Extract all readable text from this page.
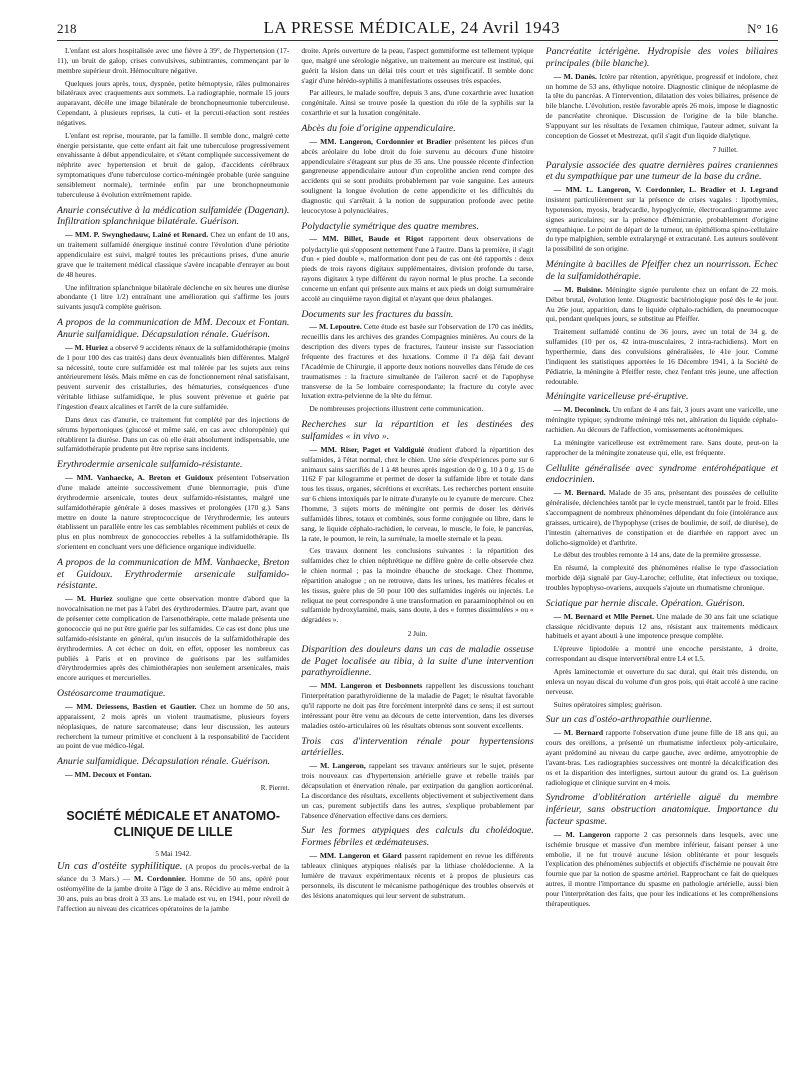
218	LA PRESSE MÉDICALE, 24 Avril 1943	N° 16

L'enfant est alors hospitalisée avec une fièvre à 39°, de l'hypertension (17-11), un bruit de galop, crises convulsives, subintrantes, commençant par le membre supérieur droit. Hémoculture négative.

Quelques jours après, toux, dyspnée, petite hémoptysie, râles pulmonaires bilatéraux avec craquements aux sommets. La radiographie, normale 15 jours auparavant, décèle une image bilatérale de bronchopneumonie tuberculeuse. Cependant, à plusieurs reprises, la cuti- et la percuti-réaction sont restées négatives.

L'enfant est reprise, mourante, par la famille. Il semble donc, malgré cette énergie persistante, que cette enfant ait fait une tuberculose progressivement envahissante à début appendiculaire, et s'étant compliquée successivement de néphrite avec hypertension et bruit de galop, d'accidents cérébraux symptomatiques d'une tuberculose cortico-méningée probable (urée sanguine sensiblement normale), terminée enfin par une bronchopneumonie tuberculeuse à évolution extrêmement rapide.

Anurie consécutive à la médication sulfamidée (Dagenan). Infiltration splanchnique bilatérale. Guérison.

— MM. P. Swynghedauw, Lainé et Renard. Chez un enfant de 10 ans, un traitement sulfamidé énergique institué contre l'évolution d'une périotite appendiculaire est suivi, malgré toutes les précautions prises, d'une anurie grave que le traitement médical classique s'avère incapable d'enrayer au bout de 48 heures.

Une infiltration splanchnique bilatérale déclenche en six heures une diurèse abondante (1 litre 1/2) entraînant une amélioration qui s'affirme les jours suivants jusqu'à complète guérison.

A propos de la communication de MM. Decoux et Fontan. Anurie sulfamidique. Décapsulation rénale. Guérison.

— M. Huriez a observé 9 accidents rénaux de la sulfamidothérapie (moins de 1 pour 100 des cas traités) dans deux éventualités bien différentes. Malgré sa nécessité, toute cure sulfamidée est mal tolérée par les sujets aux reins antérieurement lésés. Mais même en cas de fonctionnement rénal satisfaisant, peuvent survenir des cristalluries, des hématuries, conséquences d'une véritable lithiase sulfamidique, le plus souvent prévenue et guérie par l'ingestion d'eaux alcalines et l'arrêt de la cure sulfamidée.

Dans deux cas d'anurie, ce traitement fut complété par des injections de sérums hypertoniques (glucosé et même salé, en cas avec chloropénie) qui rétablirent la diurèse. Dans un cas où elle était absolument indispensable, une sulfamidothérapie prudente put être reprise sans incidents.

Erythrodermie arsenicale sulfamido-résistante.

— MM. Vanhaecke, A. Breton et Guidoux présentent l'observation d'une malade atteinte successivement d'une blennorragie, puis d'une érythrodermie arsenicale, toutes deux sulfamido-résistantes, malgré une sulfamidothérapie générale à doses massives et prolongées (170 g.). Sans mettre en doute la nature streptococcique de l'érythrodermie, les auteurs établissent un parallèle entre les cas semblables récemment publiés et ceux de plus en plus nombreux de gonococcies rebelles à la sulfamidothérapie. Ils s'orientent en concluant vers une déficience organique individuelle.

A propos de la communication de MM. Vanhaecke, Breton et Guidoux. Erythrodermie arsenicale sulfamido-résistante.

— M. Huriez souligne que cette observation montre d'abord que la novocalnisation ne met pas à l'abri des érythrodermies. D'autre part, avant que de présenter cette complication de l'arsenothérapie, cette malade présenta une gonococcie qui ne put être guérie par les sulfamides. Ce cas est donc plus une sulfamido-résistante en général, qu'un insuccès de la sulfamidothérapie des érythrodermies. A cet échec on doit, en effet, opposer les nombreux cas publiés à Paris et en province de guérisons par les sulfamides d'érythrodermies après des chimiothérapies non seulement arsenicales, mais encore auriques et mercurielles.

Ostéosarcome traumatique.

— MM. Driessens, Bastien et Gautier. Chez un homme de 50 ans, apparaissent, 2 mois après un violent traumatisme, plusieurs foyers néoplasiques, de nature sarcomateuse; dans leur discussion, les auteurs recherchent la tumeur primitive et concluent à la responsabilité de l'accident au point de vue médico-légal.

Anurie sulfamidique. Décapsulation rénale. Guérison.

— MM. Decoux et Fontan.

R. Pierret.

SOCIÉTÉ MÉDICALE ET ANATOMO-CLINIQUE DE LILLE

5 Mai 1942.

Un cas d'ostéite syphilitique. (A propos du procès-verbal de la séance du 3 Mars.) — M. Cordonnier. Homme de 50 ans, opéré pour ostéomyélite de la jambe droite à l'âge de 3 ans. Récidive au même endroit à 30 ans, puis au bras droit à 33 ans. Le malade est vu, en 1941, pour réveil de l'affection au niveau des cicatrices opératoires de la jambe

droite. Après ouverture de la peau, l'aspect gommiforme est tellement typique que, malgré une sérologie négative, un traitement au mercure est institué, qui guérit la lésion dans un délai très court et très significatif. Il semble donc s'agir d'une hérédo-syphilis à manifestations osseuses très espacées.

Par ailleurs, le malade souffre, depuis 3 ans, d'une coxarthrie avec luxation congénitale. Ainsi se trouve posée la question du rôle de la syphilis sur la coxarthrie et sur la luxation congénitale.

Abcès du foie d'origine appendiculaire.

— MM. Langeron, Cordonnier et Bradier présentent les pièces d'un abcès aréolaire du lobe droit du foie survenu au décours d'une histoire appendiculaire s'étageant sur plus de 35 ans. Une poussée récente d'infection gangreneuse appendiculaire autour d'un coprolithe ancien rend compte des accidents qui se sont produits probablement par voie sanguine. Les auteurs soulignent la longue évolution de cette appendicite et les difficultés du diagnostic qui s'arrêtait à la notion de suppuration profonde avec petite leucocytose à polynucléaires.

Polydactylie symétrique des quatre membres.

— MM. Billet, Baude et Rigot rapportent deux observations de polydactylie qui s'opposent nettement l'une à l'autre. Dans la première, il s'agit d'un « pied double », malformation dont peu de cas ont été rapportés : deux pieds de trois rayons digitaux supplémentaires, division profonde du tarse, rayons digitaux à type différent du rayon normal le plus proche. La seconde concerne un enfant qui présente aux mains et aux pieds un doigt surnuméraire accolé au cinquième rayon digital et n'ayant que deux phalanges.

Documents sur les fractures du bassin.

— M. Lepoutre. Cette étude est basée sur l'observation de 170 cas inédits, recueillis dans les archives des grandes Compagnies minières. Au cours de la description des divers types de fractures, l'auteur insiste sur l'association fréquente des fractures et des luxations. Comme il l'a déjà fait devant l'Académie de Chirurgie, il apporte deux notions nouvelles dans l'étude de ces traumatismes : la fracture simultanée de l'aileron sacré et de l'apophyse transverse de la 5e lombaire correspondante; la fracture du cotyle avec luxation extra-pelvienne de la tête du fémur.

De nombreuses projections illustrent cette communication.

Recherches sur la répartition et les destinées des sulfamides « in vivo ».

— MM. Riser, Paget et Valdiguié étudient d'abord la répartition des sulfamides, à l'état normal, chez le chien. Une série d'expériences porte sur 6 animaux sains sacrifiés de 1 à 48 heures après ingestion de 0 g. 10 à 0 g. 15 de 1162 F par kilogramme et permet de doser la sulfamide libre et totale dans tous les tissus, organes, sécrétions et excrétats. Les recherches portent ensuite sur 6 chiens intoxiqués par le nitrate d'uranyle ou le cyanure de mercure. Chez l'homme, 3 sujets morts de méningite ont permis de doser les dérivés sulfamidés libres, totaux et combinés, sous forme conjuguée ou libre, dans le sang, le liquide céphalo-rachidien, le cerveau, le muscle, le foie, le pancréas, la rate, le poumon, le rein, la surrénale, la moelle sternale et la peau.

Ces travaux donnent les conclusions suivantes : la répartition des sulfamides chez le chien néphrétique ne diffère guère de celle observée chez le chien normal ; pas la moindre ébauche de stockage. Chez l'homme, répartition analogue ; on ne retrouve, dans les urines, les matières fécales et les tissus, guère plus de 50 pour 100 des sulfamides ingérés ou injectés. Le reliquat ne peut correspondre à une transformation en paraaminophénol ou en sulfamide hydroxylaminé, mais, sans doute, à des « formes dissimulées » ou « dégradées ».

2 Juin.

Disparition des douleurs dans un cas de maladie osseuse de Paget localisée au tibia, à la suite d'une intervention parathyroïdienne.

— MM. Langeron et Desbonnets rappellent les discussions touchant l'interprétation parathyroïdienne de la maladie de Paget; le résultat favorable qu'il rapporte ne doit pas être forcément interprété dans ce sens; il est surtout intéressant pour être venu au décours de cette intervention, dans les diverses maladies ostéo-articulaires où les résultats obtenus sont souvent excellents.

Trois cas d'intervention rénale pour hypertensions artérielles.

— M. Langeron, rappelant ses travaux antérieurs sur le sujet, présente trois nouveaux cas d'hypertension artérielle grave et rebelle traités par décapsulation et énervation rénale, par extirpation du ganglion aorticorénal. La discordance des résultats, excellents objectivement et subjectivement dans un cas, purement subjectifs dans les autres, s'explique probablement par l'absence d'énervation effective dans ces derniers.

Sur les formes atypiques des calculs du cholédoque. Formes fébriles et œdémateuses.

— MM. Langeron et Giard passent rapidement en revue les différents tableaux cliniques atypiques réalisés par la lithiase cholédocienne. A la lumière de travaux expérimentaux récents et à propos de plusieurs cas personnels, ils discutent le mécanisme pathogénique des troubles observés et des lésions anatomiques qui leur servent de substratum.

Pancréatite ictérigène. Hydropisie des voies biliaires principales (bile blanche).

— M. Danès. Ictère par rétention, apyrétique, progressif et indolore, chez un homme de 53 ans, éthylique notoire. Diagnostic clinique de néoplasme de la tête du pancréas. A l'intervention, dilatation des voies biliaires, présence de bile blanche. L'évolution, restée favorable après 26 mois, impose le diagnostic de pancréatite chronique. Discussion de l'origine de la bile blanche. S'appuyant sur les résultats de l'examen chimique, l'auteur admet, suivant la conception de Gosset et Mestrezat, qu'il s'agit d'un liquide dialytique.

7 Juillet.

Paralysie associée des quatre dernières paires craniennes et du sympathique par une tumeur de la base du crâne.

— MM. L. Langeron, V. Cordonnier, L. Bradier et J. Legrand insistent particulièrement sur la présence de crises vagales : lipothymies, hypotension, myosis, bradycardie, hypoglycémie, électrocardiogramme avec signes auriculaires; sur la présence d'hémicranie, probablement d'origine sympathique. Le point de départ de la tumeur, un épithélioma spino-cellulaire du type malpighien, semble extralaryngé et extracutané. Les auteurs soulèvent la possibilité de son origine.

Méningite à bacilles de Pfeiffer chez un nourrisson. Echec de la sulfamidothérapie.

— M. Buisine. Méningite signée purulente chez un enfant de 22 mois. Début brutal, évolution lente. Diagnostic bactériologique posé dès le 4e jour. Au 26e jour, apparition, dans le liquide céphalo-rachidien, du pneumocoque qui, pendant quelques jours, se substitue au Pfeiffer.

Traitement sulfamidé continu de 36 jours, avec un total de 34 g. de sulfamides (10 per os, 42 intra-musculaires, 2 intra-rachidiens). Mort en hyperthermie, dans des convulsions généralisées, le 41e jour. Comme l'indiquent les statistiques apportées le 16 Décembre 1941, à la Société de Pédiatrie, la méningite à Pfeiffer reste, chez l'enfant très jeune, une affection redoutable.

Méningite varicelleuse pré-éruptive.

— M. Deconinck. Un enfant de 4 ans fait, 3 jours avant une varicelle, une méningite typique; syndrome méningé très net, altération du liquide céphalo-rachidien. Au décours de l'affection, vomissements acétonémiques.

La méningite varicelleuse est extrêmement rare. Sans doute, peut-on la rapprocher de la méningite zonateuse qui, elle, est fréquente.

Cellulite généralisée avec syndrome entérohépatique et endocrinien.

— M. Bernard. Malade de 35 ans, présentant des poussées de cellulite généralisée, déclenchées tantôt par le cycle menstruel, tantôt par le froid. Elles s'accompagnent de nombreux phénomènes dépendant du foie (intolérance aux graisses, urticaire), de l'hypophyse (crises de boulimie, de soif, de diurèse), de l'intestin (alternatives de constipation et de diarrhée en rapport avec un dolicho-sigmoïde) et d'arthrite.

Le début des troubles remonte à 14 ans, date de la première grossesse.

En résumé, la complexité des phénomènes réalise le type d'association morbide déjà signalé par Guy-Laroche; cellulite, état infectieux ou toxique, troubles hypophyso-ovariens, auxquels s'ajoute un rhumatisme chronique.

Sciatique par hernie discale. Opération. Guérison.

— M. Bernard et Mlle Pernet. Une malade de 30 ans fait une sciatique classique récidivante depuis 12 ans, résistant aux traitements médicaux habituels et ayant abouti à une impotence presque complète.

L'épreuve lipiodolée a montré une encoche persistante, à droite, correspondant au disque intervertébral entre L4 et L5.

Après laminectomie et ouverture du sac dural, qui était très distendu, on enleva un noyau discal du volume d'un gros pois, qui était accolé à une racine nerveuse.

Suites opératoires simples; guérison.

Sur un cas d'ostéo-arthropathie ourlienne.

— M. Bernard rapporte l'observation d'une jeune fille de 18 ans qui, au cours des oreillons, a présenté un rhumatisme infectieux poly-articulaire, ayant prédominé au niveau du carpe gauche, avec œdème, amyotrophie de l'avant-bras. Les radiographies successives ont montré la décalcification des os et la disparition des interlignes, surtout autour du grand os. La guérison radiologique et clinique survint en 4 mois.

Syndrome d'oblitération artérielle aiguë du membre inférieur, sans obstruction anatomique. Importance du facteur spasme.

— M. Langeron rapporte 2 cas personnels dans lesquels, avec une ischémie brusque et massive d'un membre inférieur, faisant penser à une embolie, il ne fut trouvé aucune lésion oblitérante et pour lesquels l'explication des phénomènes subjectifs et objectifs d'ischémie ne pouvait être fournie que par la notion de spasme artériel. Rapprochant ce fait de quelques autres, il montre l'importance du spasme en pathologie artérielle, aussi bien pour l'interprétation des faits, que pour les indications et les compréhensions thérapeutiques.
